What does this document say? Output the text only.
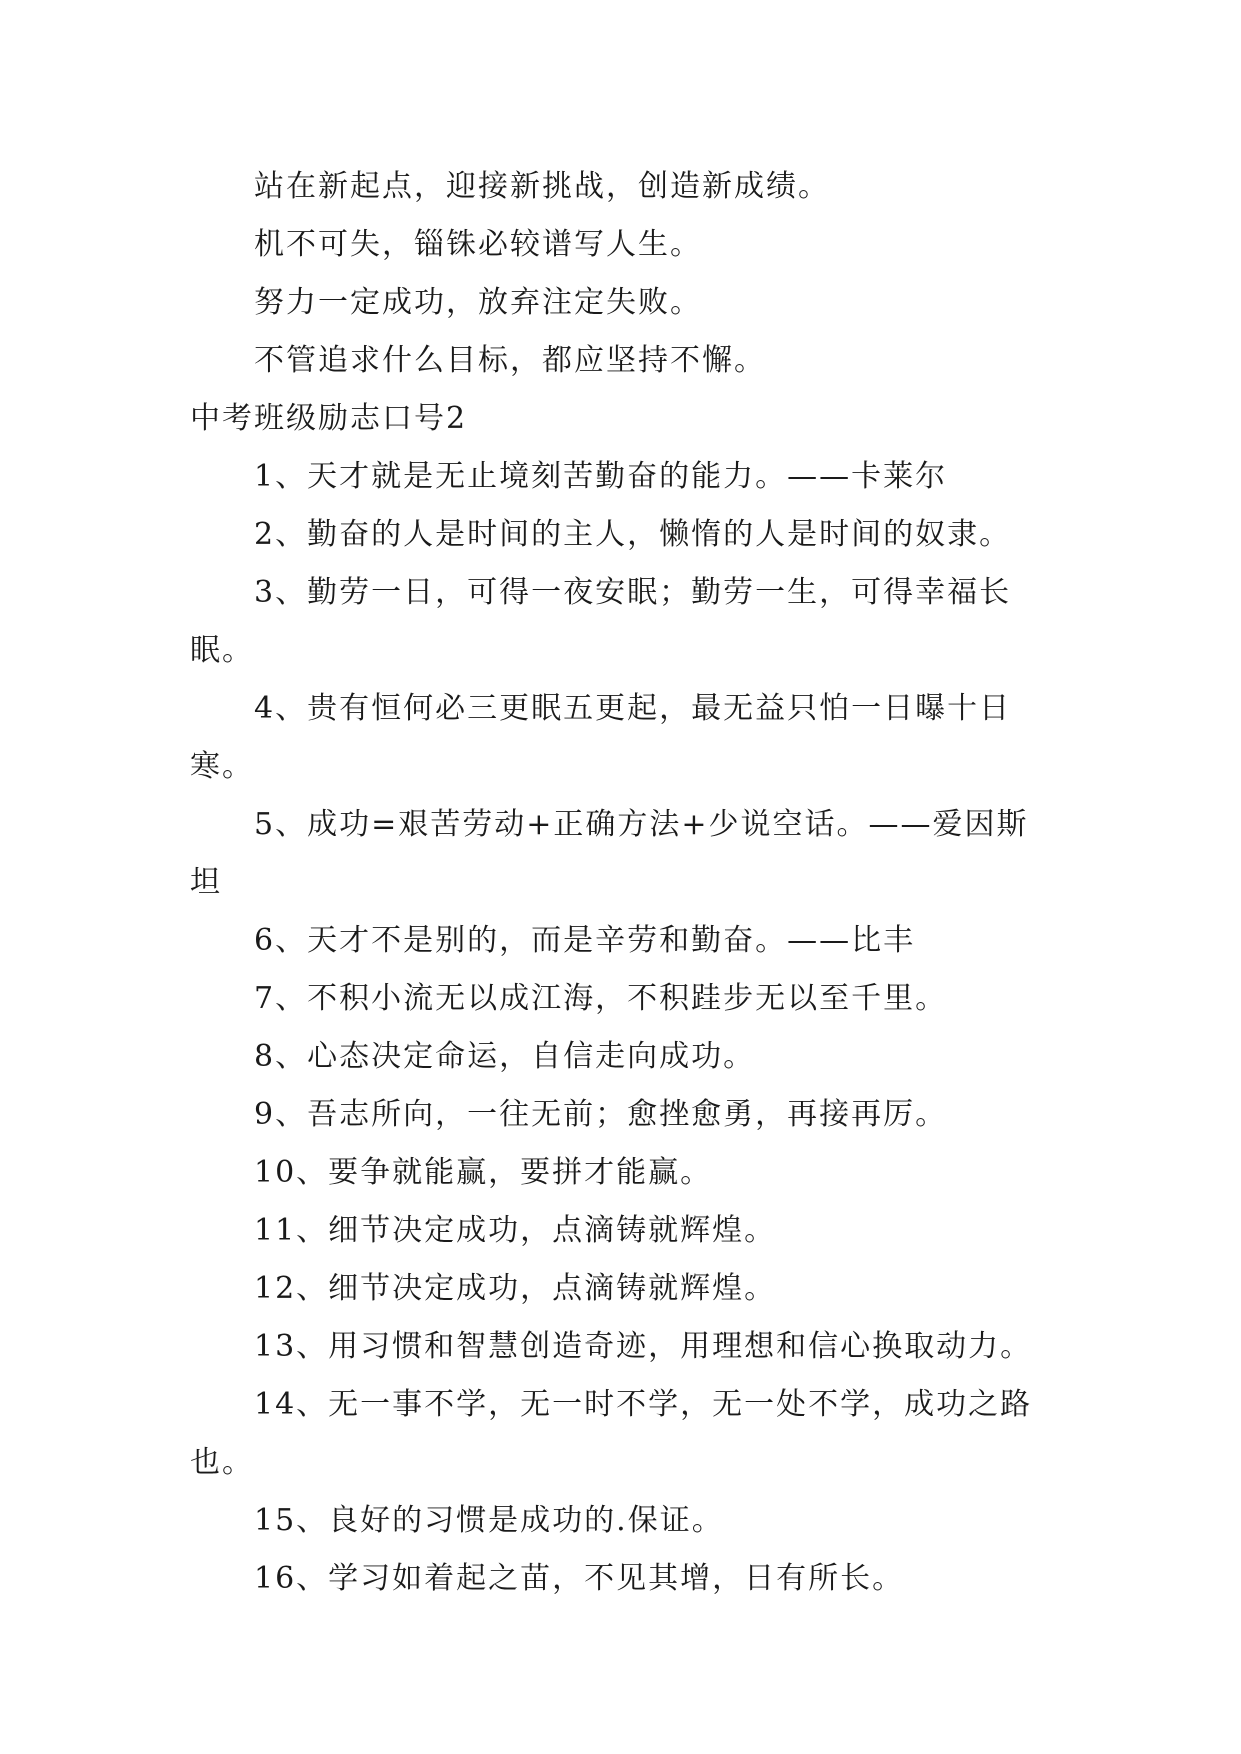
站在新起点，迎接新挑战，创造新成绩。

机不可失，锱铢必较谱写人生。

努力一定成功，放弃注定失败。

不管追求什么目标，都应坚持不懈。

中考班级励志口号2

1、天才就是无止境刻苦勤奋的能力。——卡莱尔

2、勤奋的人是时间的主人，懒惰的人是时间的奴隶。

3、勤劳一日，可得一夜安眠；勤劳一生，可得幸福长眠。

4、贵有恒何必三更眠五更起，最无益只怕一日曝十日寒。

5、成功=艰苦劳动+正确方法+少说空话。——爱因斯坦

6、天才不是别的，而是辛劳和勤奋。——比丰

7、不积小流无以成江海，不积跬步无以至千里。

8、心态决定命运，自信走向成功。

9、吾志所向，一往无前；愈挫愈勇，再接再厉。

10、要争就能赢，要拼才能赢。

11、细节决定成功，点滴铸就辉煌。

12、细节决定成功，点滴铸就辉煌。

13、用习惯和智慧创造奇迹，用理想和信心换取动力。

14、无一事不学，无一时不学，无一处不学，成功之路也。

15、良好的习惯是成功的.保证。

16、学习如着起之苗，不见其增，日有所长。
